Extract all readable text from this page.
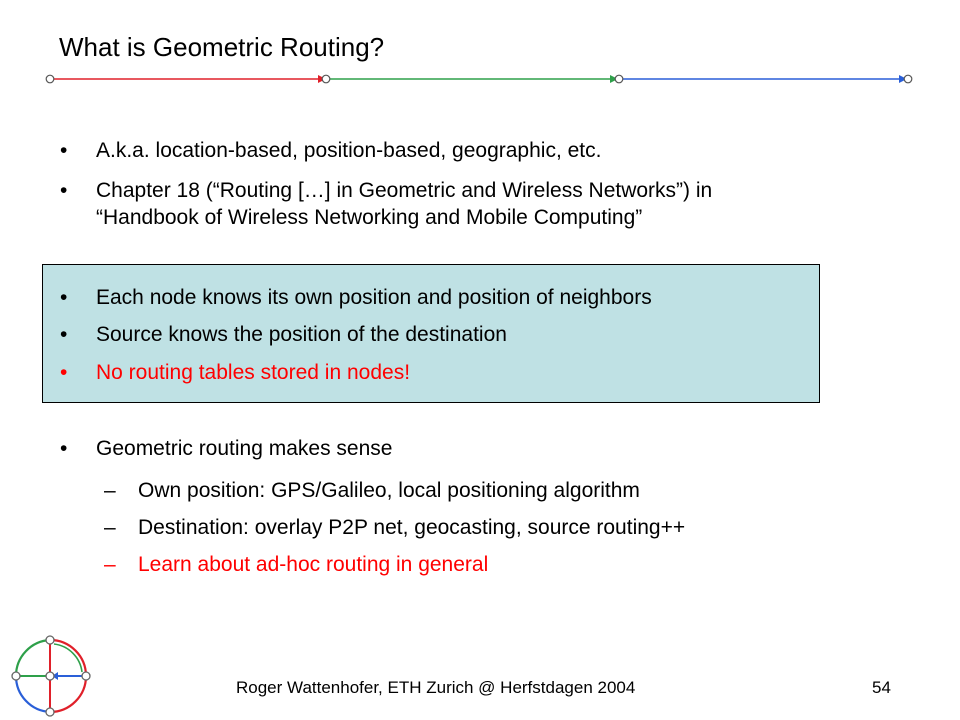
What is Geometric Routing?
• A.k.a. location-based, position-based, geographic, etc.
• Chapter 18 (“Routing […] in Geometric and Wireless Networks”) in
“Handbook of Wireless Networking and Mobile Computing”
• Each node knows its own position and position of neighbors
• Source knows the position of the destination
• No routing tables stored in nodes!
• Geometric routing makes sense
– Own position: GPS/Galileo, local positioning algorithm
– Destination: overlay P2P net, geocasting, source routing++
– Learn about ad-hoc routing in general
Roger Wattenhofer, ETH Zurich @ Herfstdagen 2004	54
